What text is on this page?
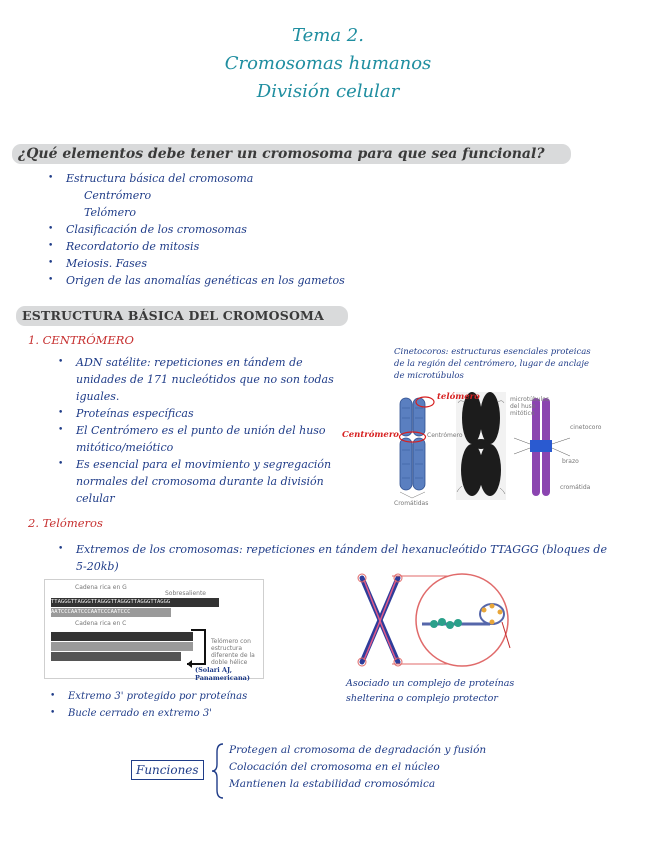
Tema 2.
Cromosomas humanos
División celular
¿Qué elementos debe tener un cromosoma para que sea funcional?
• Estructura básica del cromosoma
Centrómero
Telómero
• Clasificación de los cromosomas
• Recordatorio de mitosis
• Meiosis. Fases
• Origen de las anomalías genéticas en los gametos
ESTRUCTURA BÁSICA DEL CROMOSOMA
1. CENTRÓMERO
• ADN satélite: repeticiones en tándem de unidades de 171 nucleótidos que no son todas iguales.
• Proteínas específicas
• El Centrómero es el punto de unión del huso mitótico/meiótico
• Es esencial para el movimiento y segregación normales del cromosoma durante la división celular
Cinetocoros: estructuras esenciales proteicas de la región del centrómero, lugar de anclaje de microtúbulos
Cromátidas
Centrómero
microtúbulos del huso mitótico
cinetocoro
brazo
cromátida
telómero
Centrómero
2. Telómeros
• Extremos de los cromosomas: repeticiones en tándem del hexanucleótido TTAGGG (bloques de 5-20kb)
Cadena rica en G
Sobresaliente
TTAGGGTTAGGGTTAGGGTTAGGGTTAGGGTTAGGG
AATCCCAATCCCAATCCCAATCCC
Cadena rica en C
Telómero con estructura diferente de la doble hélice
(Solari AJ, Panamericana)	Asociado un complejo de proteínas shelterina o complejo protector
• Extremo 3' protegido por proteínas
• Bucle cerrado en extremo 3'
Funciones
Protegen al cromosoma de degradación y fusión
Colocación del cromosoma en el núcleo
Mantienen la estabilidad cromosómica
